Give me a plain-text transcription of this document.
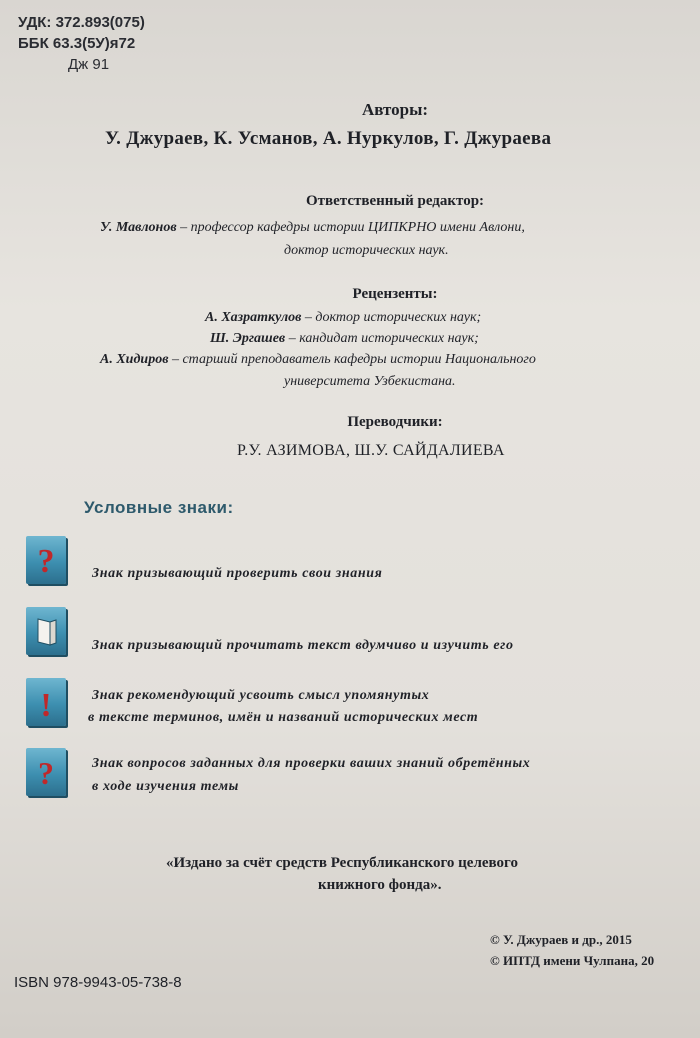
УДК: 372.893(075)
ББК 63.3(5У)я72
Дж 91
Авторы:
У. Джураев, К. Усманов, А. Нуркулов, Г. Джураева
Ответственный редактор:
У. Мавлонов – профессор кафедры истории ЦИПКРНО имени Авлони,
доктор исторических наук.
Рецензенты:
А. Хазраткулов – доктор исторических наук;
Ш. Эргашев – кандидат исторических наук;
А. Хидиров – старший преподаватель кафедры истории Национального
университета Узбекистана.
Переводчики:
Р.У. АЗИМОВА, Ш.У. САЙДАЛИЕВА
Условные знаки:
?	Знак призывающий проверить свои знания
Знак призывающий прочитать текст вдумчиво и изучить его
!	Знак рекомендующий усвоить смысл упомянутых
в тексте терминов, имён и названий исторических мест
?	Знак вопросов заданных для проверки ваших знаний обретённых
в ходе изучения темы
«Издано за счёт средств Республиканского целевого
книжного фонда».
© У. Джураев и др., 2015
© ИПТД имени Чулпана, 20
ISBN 978-9943-05-738-8
